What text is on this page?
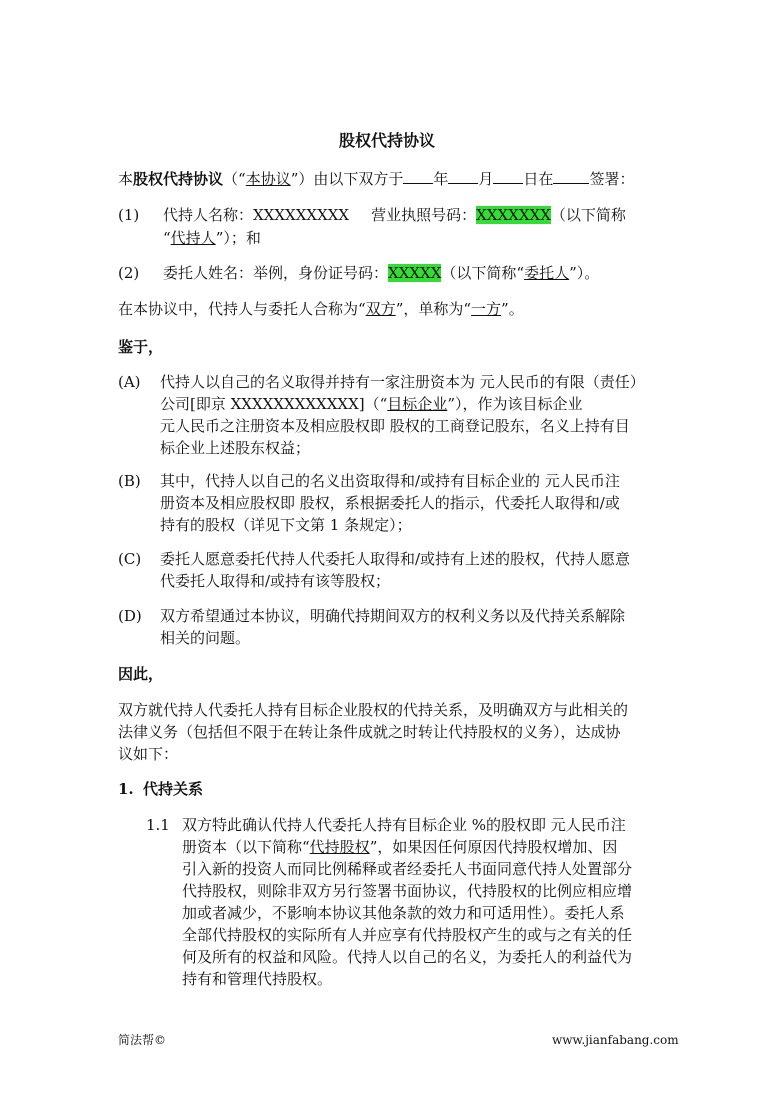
股权代持协议
本股权代持协议（“本协议”）由以下双方于 年 月 日在 签署：
(1) 代持人名称：XXXXXXXXX 营业执照号码：XXXXXXX（以下简称
“代持人”）；和
(2) 委托人姓名：举例，身份证号码：XXXXX（以下简称“委托人”）。
在本协议中，代持人与委托人合称为“双方”，单称为“一方”。
鉴于，
(A) 代持人以自己的名义取得并持有一家注册资本为 元人民币的有限（责任）
公司[即京 XXXXXXXXXXXX]（“目标企业”），作为该目标企业
元人民币之注册资本及相应股权即 股权的工商登记股东，名义上持有目
标企业上述股东权益；
(B) 其中，代持人以自己的名义出资取得和/或持有目标企业的 元人民币注
册资本及相应股权即 股权，系根据委托人的指示，代委托人取得和/或
持有的股权（详见下文第 1 条规定）；
(C) 委托人愿意委托代持人代委托人取得和/或持有上述的股权，代持人愿意
代委托人取得和/或持有该等股权；
(D) 双方希望通过本协议，明确代持期间双方的权利义务以及代持关系解除
相关的问题。
因此，
双方就代持人代委托人持有目标企业股权的代持关系，及明确双方与此相关的
法律义务（包括但不限于在转让条件成就之时转让代持股权的义务），达成协
议如下：
1. 代持关系
1.1 双方特此确认代持人代委托人持有目标企业 %的股权即 元人民币注
册资本（以下简称“代持股权”，如果因任何原因代持股权增加、因
引入新的投资人而同比例稀释或者经委托人书面同意代持人处置部分
代持股权，则除非双方另行签署书面协议，代持股权的比例应相应增
加或者减少，不影响本协议其他条款的效力和可适用性）。委托人系
全部代持股权的实际所有人并应享有代持股权产生的或与之有关的任
何及所有的权益和风险。代持人以自己的名义，为委托人的利益代为
持有和管理代持股权。
简法帮©	www.jianfabang.com
